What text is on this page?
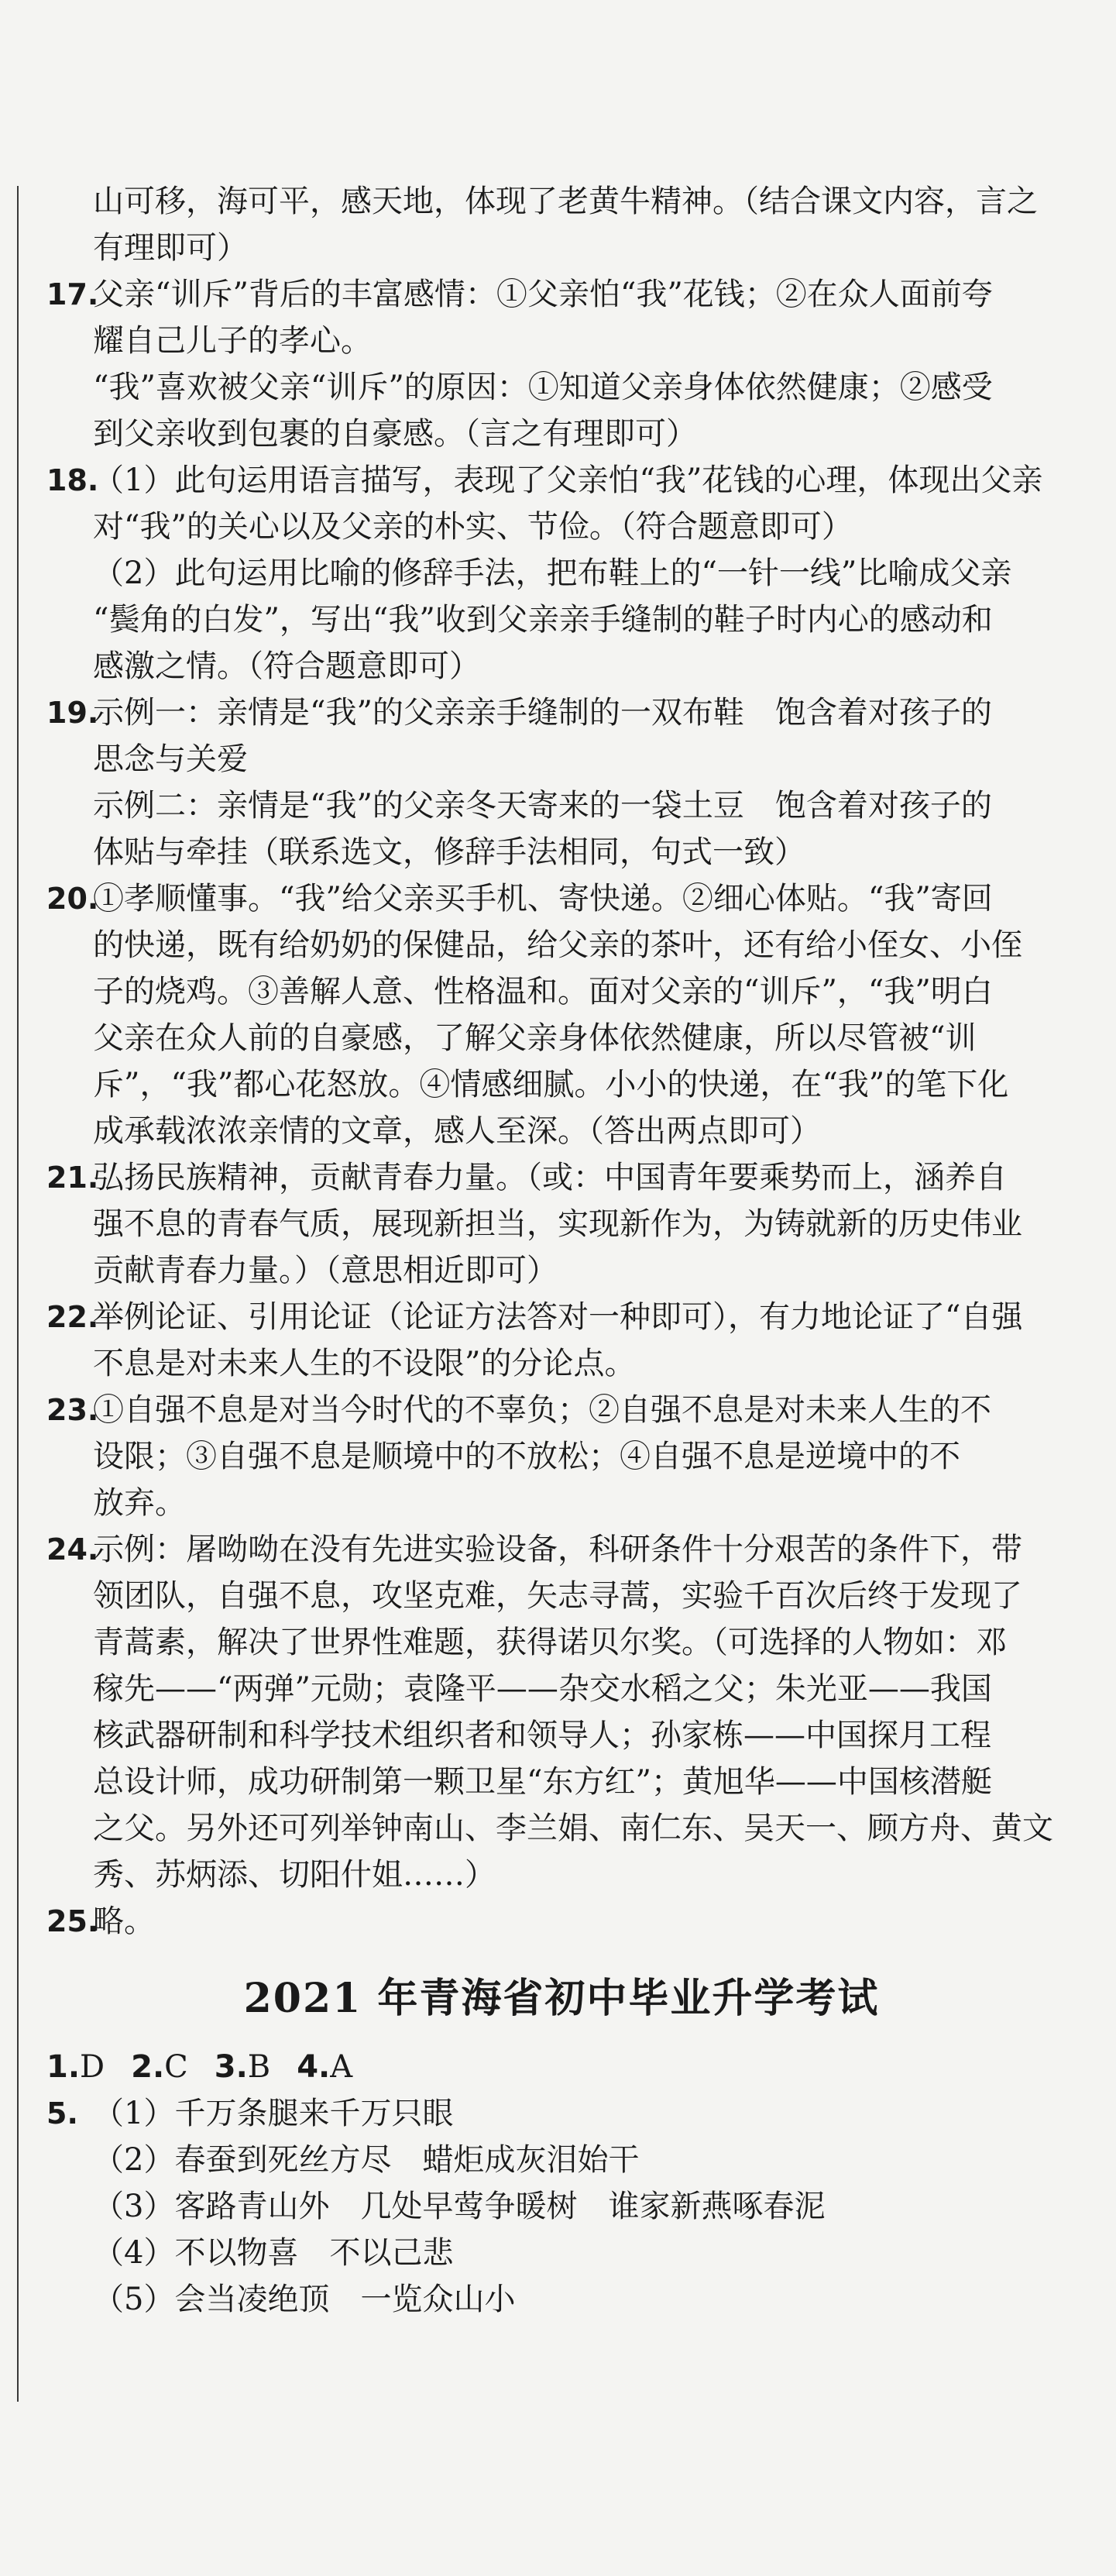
山可移，海可平，感天地，体现了老黄牛精神。（结合课文内容，言之

有理即可）

17.

父亲“训斥”背后的丰富感情：①父亲怕“我”花钱；②在众人面前夸

耀自己儿子的孝心。

“我”喜欢被父亲“训斥”的原因：①知道父亲身体依然健康；②感受

到父亲收到包裹的自豪感。（言之有理即可）

18.

（1）此句运用语言描写，表现了父亲怕“我”花钱的心理，体现出父亲

对“我”的关心以及父亲的朴实、节俭。（符合题意即可）

（2）此句运用比喻的修辞手法，把布鞋上的“一针一线”比喻成父亲

“鬓角的白发”，写出“我”收到父亲亲手缝制的鞋子时内心的感动和

感激之情。（符合题意即可）

19.

示例一：亲情是“我”的父亲亲手缝制的一双布鞋　饱含着对孩子的

思念与关爱

示例二：亲情是“我”的父亲冬天寄来的一袋土豆　饱含着对孩子的

体贴与牵挂（联系选文，修辞手法相同，句式一致）

20.

①孝顺懂事。“我”给父亲买手机、寄快递。②细心体贴。“我”寄回

的快递，既有给奶奶的保健品，给父亲的茶叶，还有给小侄女、小侄

子的烧鸡。③善解人意、性格温和。面对父亲的“训斥”，“我”明白

父亲在众人前的自豪感，了解父亲身体依然健康，所以尽管被“训

斥”，“我”都心花怒放。④情感细腻。小小的快递，在“我”的笔下化

成承载浓浓亲情的文章，感人至深。（答出两点即可）

21.

弘扬民族精神，贡献青春力量。（或：中国青年要乘势而上，涵养自

强不息的青春气质，展现新担当，实现新作为，为铸就新的历史伟业

贡献青春力量。）（意思相近即可）

22.

举例论证、引用论证（论证方法答对一种即可），有力地论证了“自强

不息是对未来人生的不设限”的分论点。

23.

①自强不息是对当今时代的不辜负；②自强不息是对未来人生的不

设限；③自强不息是顺境中的不放松；④自强不息是逆境中的不

放弃。

24.

示例：屠呦呦在没有先进实验设备，科研条件十分艰苦的条件下，带

领团队，自强不息，攻坚克难，矢志寻蒿，实验千百次后终于发现了

青蒿素，解决了世界性难题，获得诺贝尔奖。（可选择的人物如：邓

稼先——“两弹”元勋；袁隆平——杂交水稻之父；朱光亚——我国

核武器研制和科学技术组织者和领导人；孙家栋——中国探月工程

总设计师，成功研制第一颗卫星“东方红”；黄旭华——中国核潜艇

之父。另外还可列举钟南山、李兰娟、南仁东、吴天一、顾方舟、黄文

秀、苏炳添、切阳什姐……）

25.

略。

2021 年青海省初中毕业升学考试
1.D 2.C 3.B 4.A
5. （1）千万条腿来千万只眼

（2）春蚕到死丝方尽　蜡炬成灰泪始干

（3）客路青山外　几处早莺争暖树　谁家新燕啄春泥

（4）不以物喜　不以己悲

（5）会当凌绝顶　一览众山小
